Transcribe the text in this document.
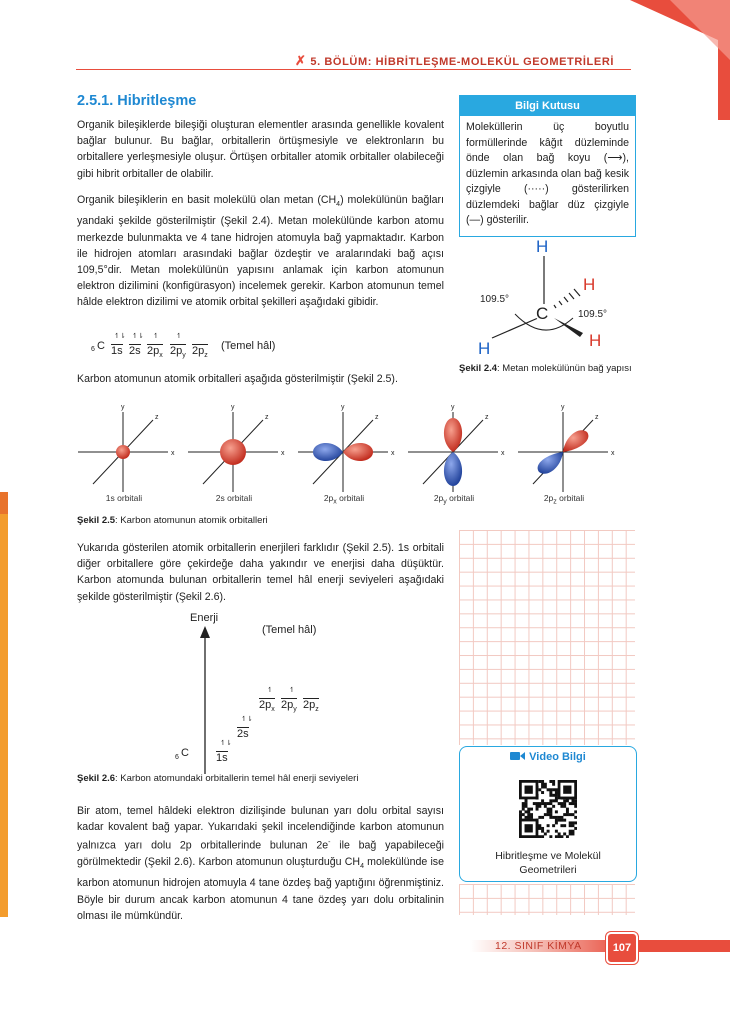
✗ 5. BÖLÜM: HİBRİTLEŞME-MOLEKÜL GEOMETRİLERİ
2.5.1. Hibritleşme
Organik bileşiklerde bileşiği oluşturan elementler arasında genellikle kovalent bağlar bulunur. Bu bağlar, orbitallerin örtüşmesiyle ve elektronların bu orbitallere yerleşmesiyle oluşur. Örtüşen orbitaller atomik orbitaller olabileceği gibi hibrit orbitaller de olabilir.
Organik bileşiklerin en basit molekülü olan metan $(CH_4)$ molekülünün bağları yandaki şekilde gösterilmiştir (Şekil 2.4). Metan molekülünde karbon atomu merkezde bulunmakta ve 4 tane hidrojen atomuyla bağ yapmaktadır. Karbon ile hidrojen atomları arasındaki bağlar özdeştir ve aralarındaki bağ açısı 109,5°dir. Metan molekülünün yapısını anlamak için karbon atomunun elektron dizilimini (konfigürasyon) incelemek gerekir. Karbon atomunun temel hâlde elektron dizilimi ve atomik orbital şekilleri aşağıdaki gibidir.
6 C
↿⇂
1s
↿⇂
2s
↿
$2p_x$
↿
$2p_y$ $2p_z$
(Temel hâl)
Karbon atomunun atomik orbitalleri aşağıda gösterilmiştir (Şekil 2.5).
Bilgi Kutusu
Moleküllerin üç boyutlu formüllerinde kâğıt düzleminde önde olan bağ koyu (⟶), düzlemin arkasında olan bağ kesik çizgiyle (·····) gösterilirken düzlemdeki bağlar düz çizgiyle (—) gösterilir.
C
H
H
H
H
109.5°
109.5°
Şekil 2.4: Metan molekülünün bağ yapısı
x
y
z
x
y
z
x
y
z
x
y
z
x
y
z
1s orbitali	2s orbitali	$2p_x$ orbitali	$2p_y$ orbitali	$2p_z$ orbitali
Şekil 2.5: Karbon atomunun atomik orbitalleri
Yukarıda gösterilen atomik orbitallerin enerjileri farklıdır (Şekil 2.5). 1s orbitali diğer orbitallere göre çekirdeğe daha yakındır ve enerjisi daha düşüktür. Karbon atomunda bulunan orbitallerin temel hâl enerji seviyeleri aşağıdaki şekilde gösterilmiştir (Şekil 2.6).
Enerji
(Temel hâl)
6 C
↿⇂
1s
↿⇂
2s
↿
$2p_x$
↿
$2p_y$ $2p_z$
Şekil 2.6: Karbon atomundaki orbitallerin temel hâl enerji seviyeleri
Video Bilgi
Hibritleşme ve Molekül
Geometrileri
Bir atom, temel hâldeki elektron dizilişinde bulunan yarı dolu orbital sayısı kadar kovalent bağ yapar. Yukarıdaki şekil incelendiğinde karbon atomunun yalnızca yarı dolu 2p orbitallerinde bulunan 2e- ile bağ yapabileceği görülmektedir (Şekil 2.6). Karbon atomunun oluşturduğu $CH_4$ molekülünde ise karbon atomunun hidrojen atomuyla 4 tane özdeş bağ yaptığını öğrenmiştiniz. Böyle bir durum ancak karbon atomunun 4 tane özdeş yarı dolu orbitalinin olması ile mümkündür.
12. SINIF KİMYA	107
